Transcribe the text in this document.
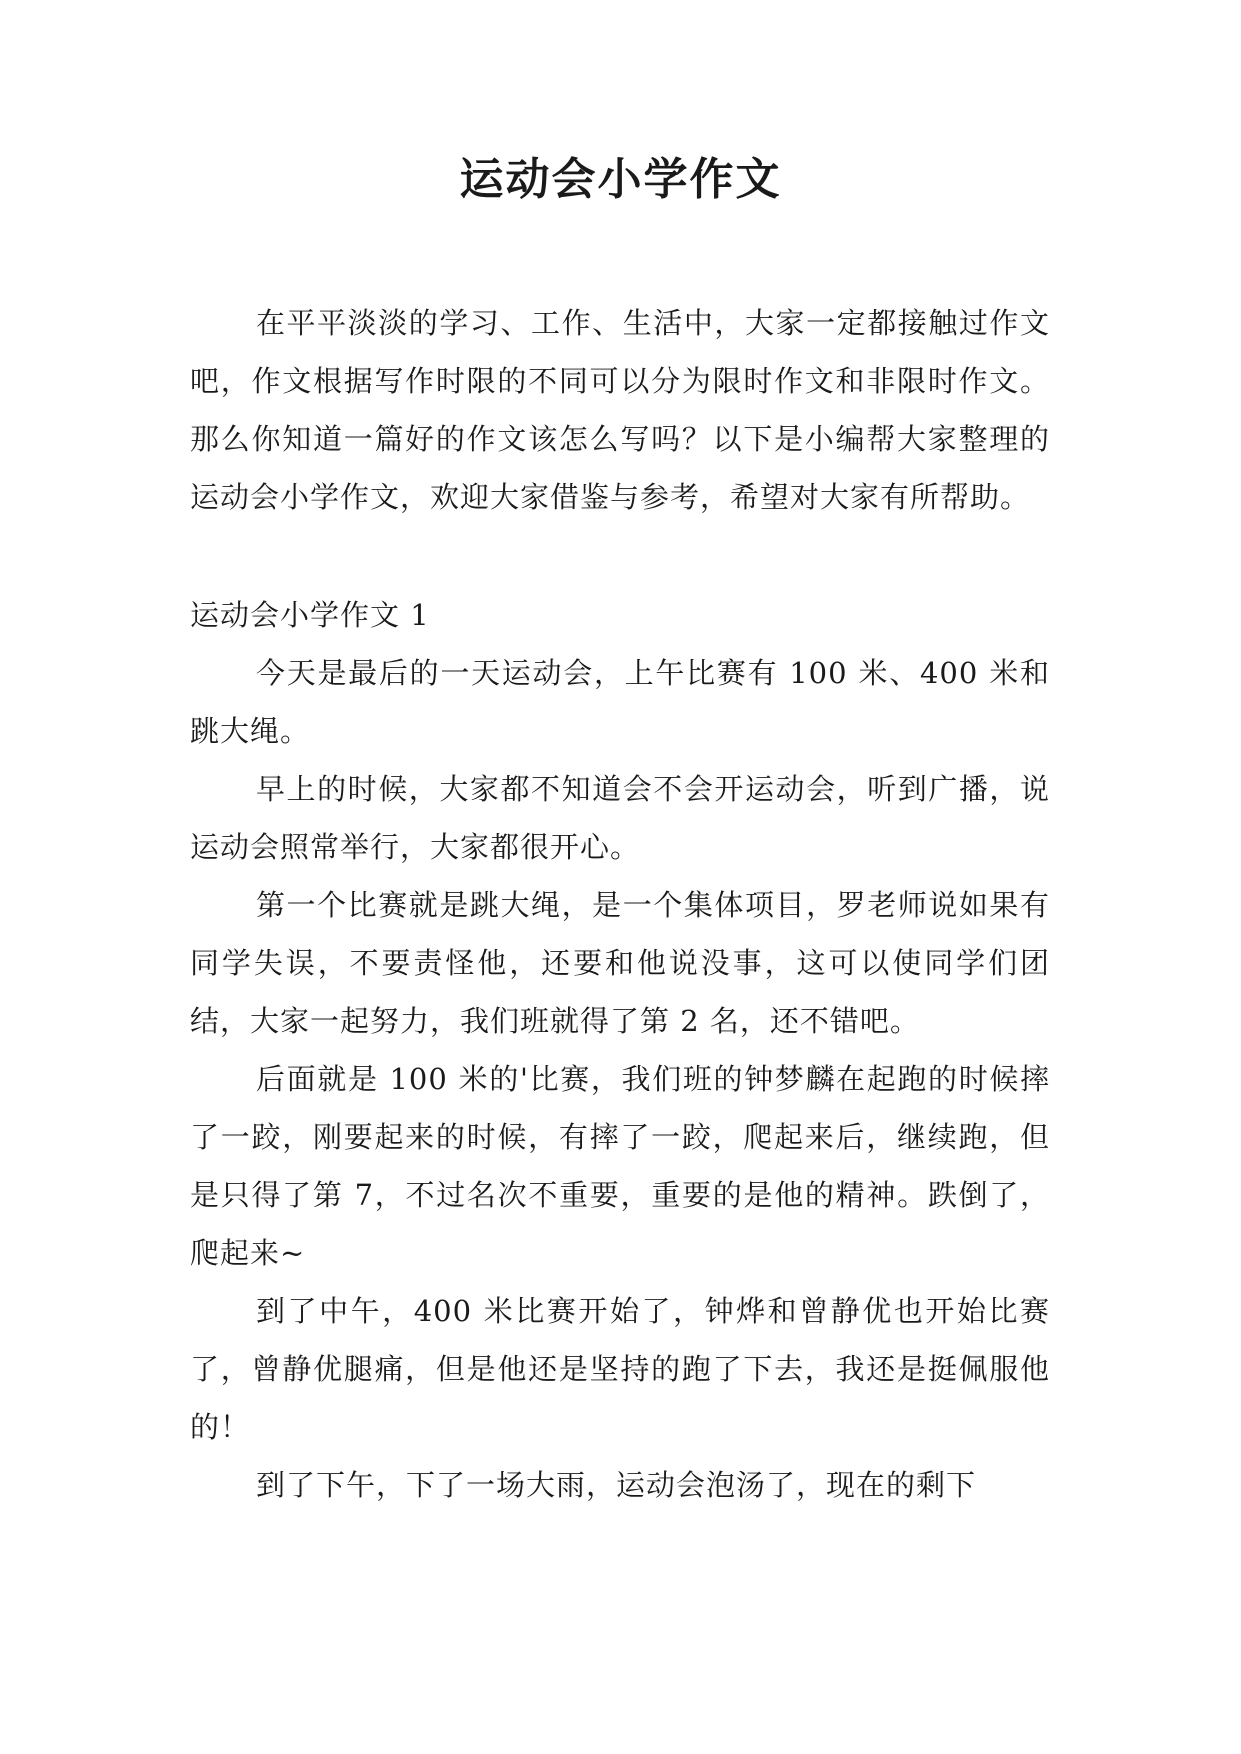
运动会小学作文

在平平淡淡的学习、工作、生活中，大家一定都接触过作文吧，作文根据写作时限的不同可以分为限时作文和非限时作文。那么你知道一篇好的作文该怎么写吗？以下是小编帮大家整理的运动会小学作文，欢迎大家借鉴与参考，希望对大家有所帮助。

运动会小学作文 1

今天是最后的一天运动会，上午比赛有 100 米、400 米和跳大绳。

早上的时候，大家都不知道会不会开运动会，听到广播，说运动会照常举行，大家都很开心。

第一个比赛就是跳大绳，是一个集体项目，罗老师说如果有同学失误，不要责怪他，还要和他说没事，这可以使同学们团结，大家一起努力，我们班就得了第 2 名，还不错吧。

后面就是 100 米的'比赛，我们班的钟梦麟在起跑的时候摔了一跤，刚要起来的时候，有摔了一跤，爬起来后，继续跑，但是只得了第 7，不过名次不重要，重要的是他的精神。跌倒了，爬起来~

到了中午，400 米比赛开始了，钟烨和曾静优也开始比赛了，曾静优腿痛，但是他还是坚持的跑了下去，我还是挺佩服他的！

到了下午，下了一场大雨，运动会泡汤了，现在的剩下
